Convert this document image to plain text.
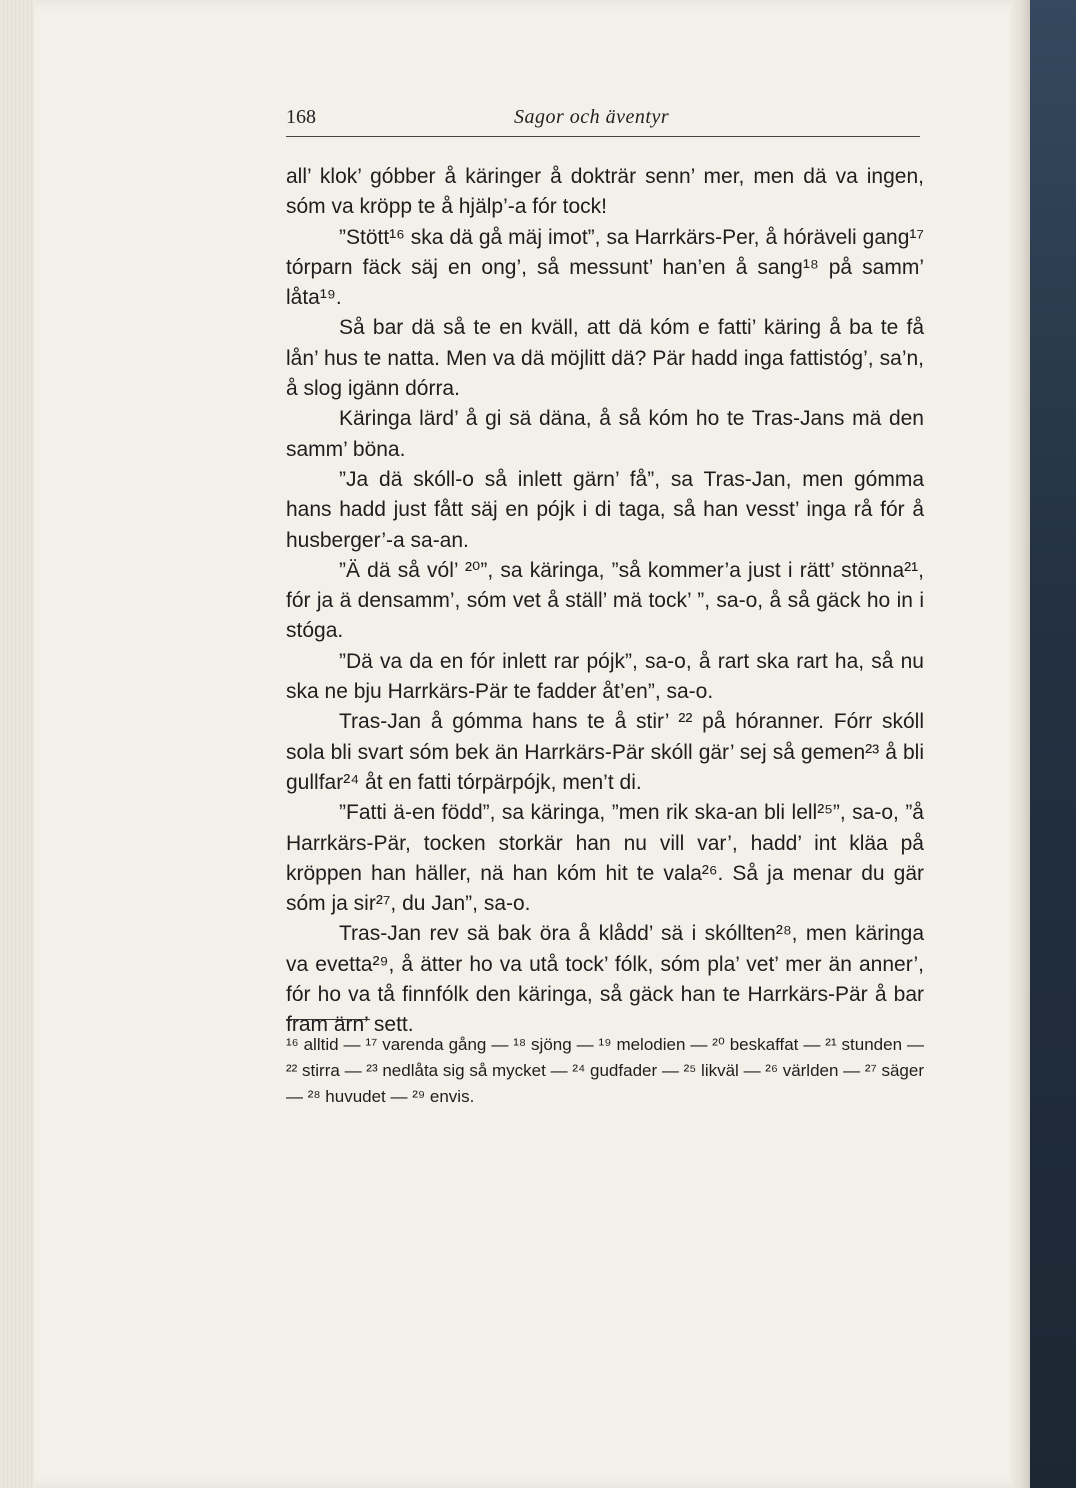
168	Sagor och äventyr

all’ klok’ góbber å käringer å dokträr senn’ mer, men dä va ingen, sóm va kröpp te å hjälp’-a fór tock!

”Stött¹⁶ ska dä gå mäj imot”, sa Harrkärs-Per, å hóräveli gang¹⁷ tórparn fäck säj en ong’, så messunt’ han’en å sang¹⁸ på samm’ låta¹⁹.

Så bar dä så te en kväll, att dä kóm e fatti’ käring å ba te få lån’ hus te natta. Men va dä möjlitt dä? Pär hadd inga fattistóg’, sa’n, å slog igänn dórra.

Käringa lärd’ å gi sä däna, å så kóm ho te Tras-Jans mä den samm’ böna.

”Ja dä skóll-o så inlett gärn’ få”, sa Tras-Jan, men gómma hans hadd just fått säj en pójk i di taga, så han vesst’ inga rå fór å husberger’-a sa-an.

”Ä dä så vól’ ²⁰”, sa käringa, ”så kommer’a just i rätt’ stönna²¹, fór ja ä densamm’, sóm vet å ställ’ mä tock’ ”, sa-o, å så gäck ho in i stóga.

”Dä va da en fór inlett rar pójk”, sa-o, å rart ska rart ha, så nu ska ne bju Harrkärs-Pär te fadder åt’en”, sa-o.

Tras-Jan å gómma hans te å stir’ ²² på hóranner. Fórr skóll sola bli svart sóm bek än Harrkärs-Pär skóll gär’ sej så gemen²³ å bli gullfar²⁴ åt en fatti tórpärpójk, men’t di.

”Fatti ä-en född”, sa käringa, ”men rik ska-an bli lell²⁵”, sa-o, ”å Harrkärs-Pär, tocken storkär han nu vill var’, hadd’ int kläa på kröppen han häller, nä han kóm hit te vala²⁶. Så ja menar du gär sóm ja sir²⁷, du Jan”, sa-o.

Tras-Jan rev sä bak öra å klådd’ sä i skóllten²⁸, men käringa va evetta²⁹, å ätter ho va utå tock’ fólk, sóm pla’ vet’ mer än anner’, fór ho va tå finnfólk den käringa, så gäck han te Harrkärs-Pär å bar fram ärn’ sett.

¹⁶ alltid — ¹⁷ varenda gång — ¹⁸ sjöng — ¹⁹ melodien — ²⁰ beskaffat — ²¹ stunden — ²² stirra — ²³ nedlåta sig så mycket — ²⁴ gudfader — ²⁵ likväl — ²⁶ världen — ²⁷ säger — ²⁸ huvudet — ²⁹ envis.
